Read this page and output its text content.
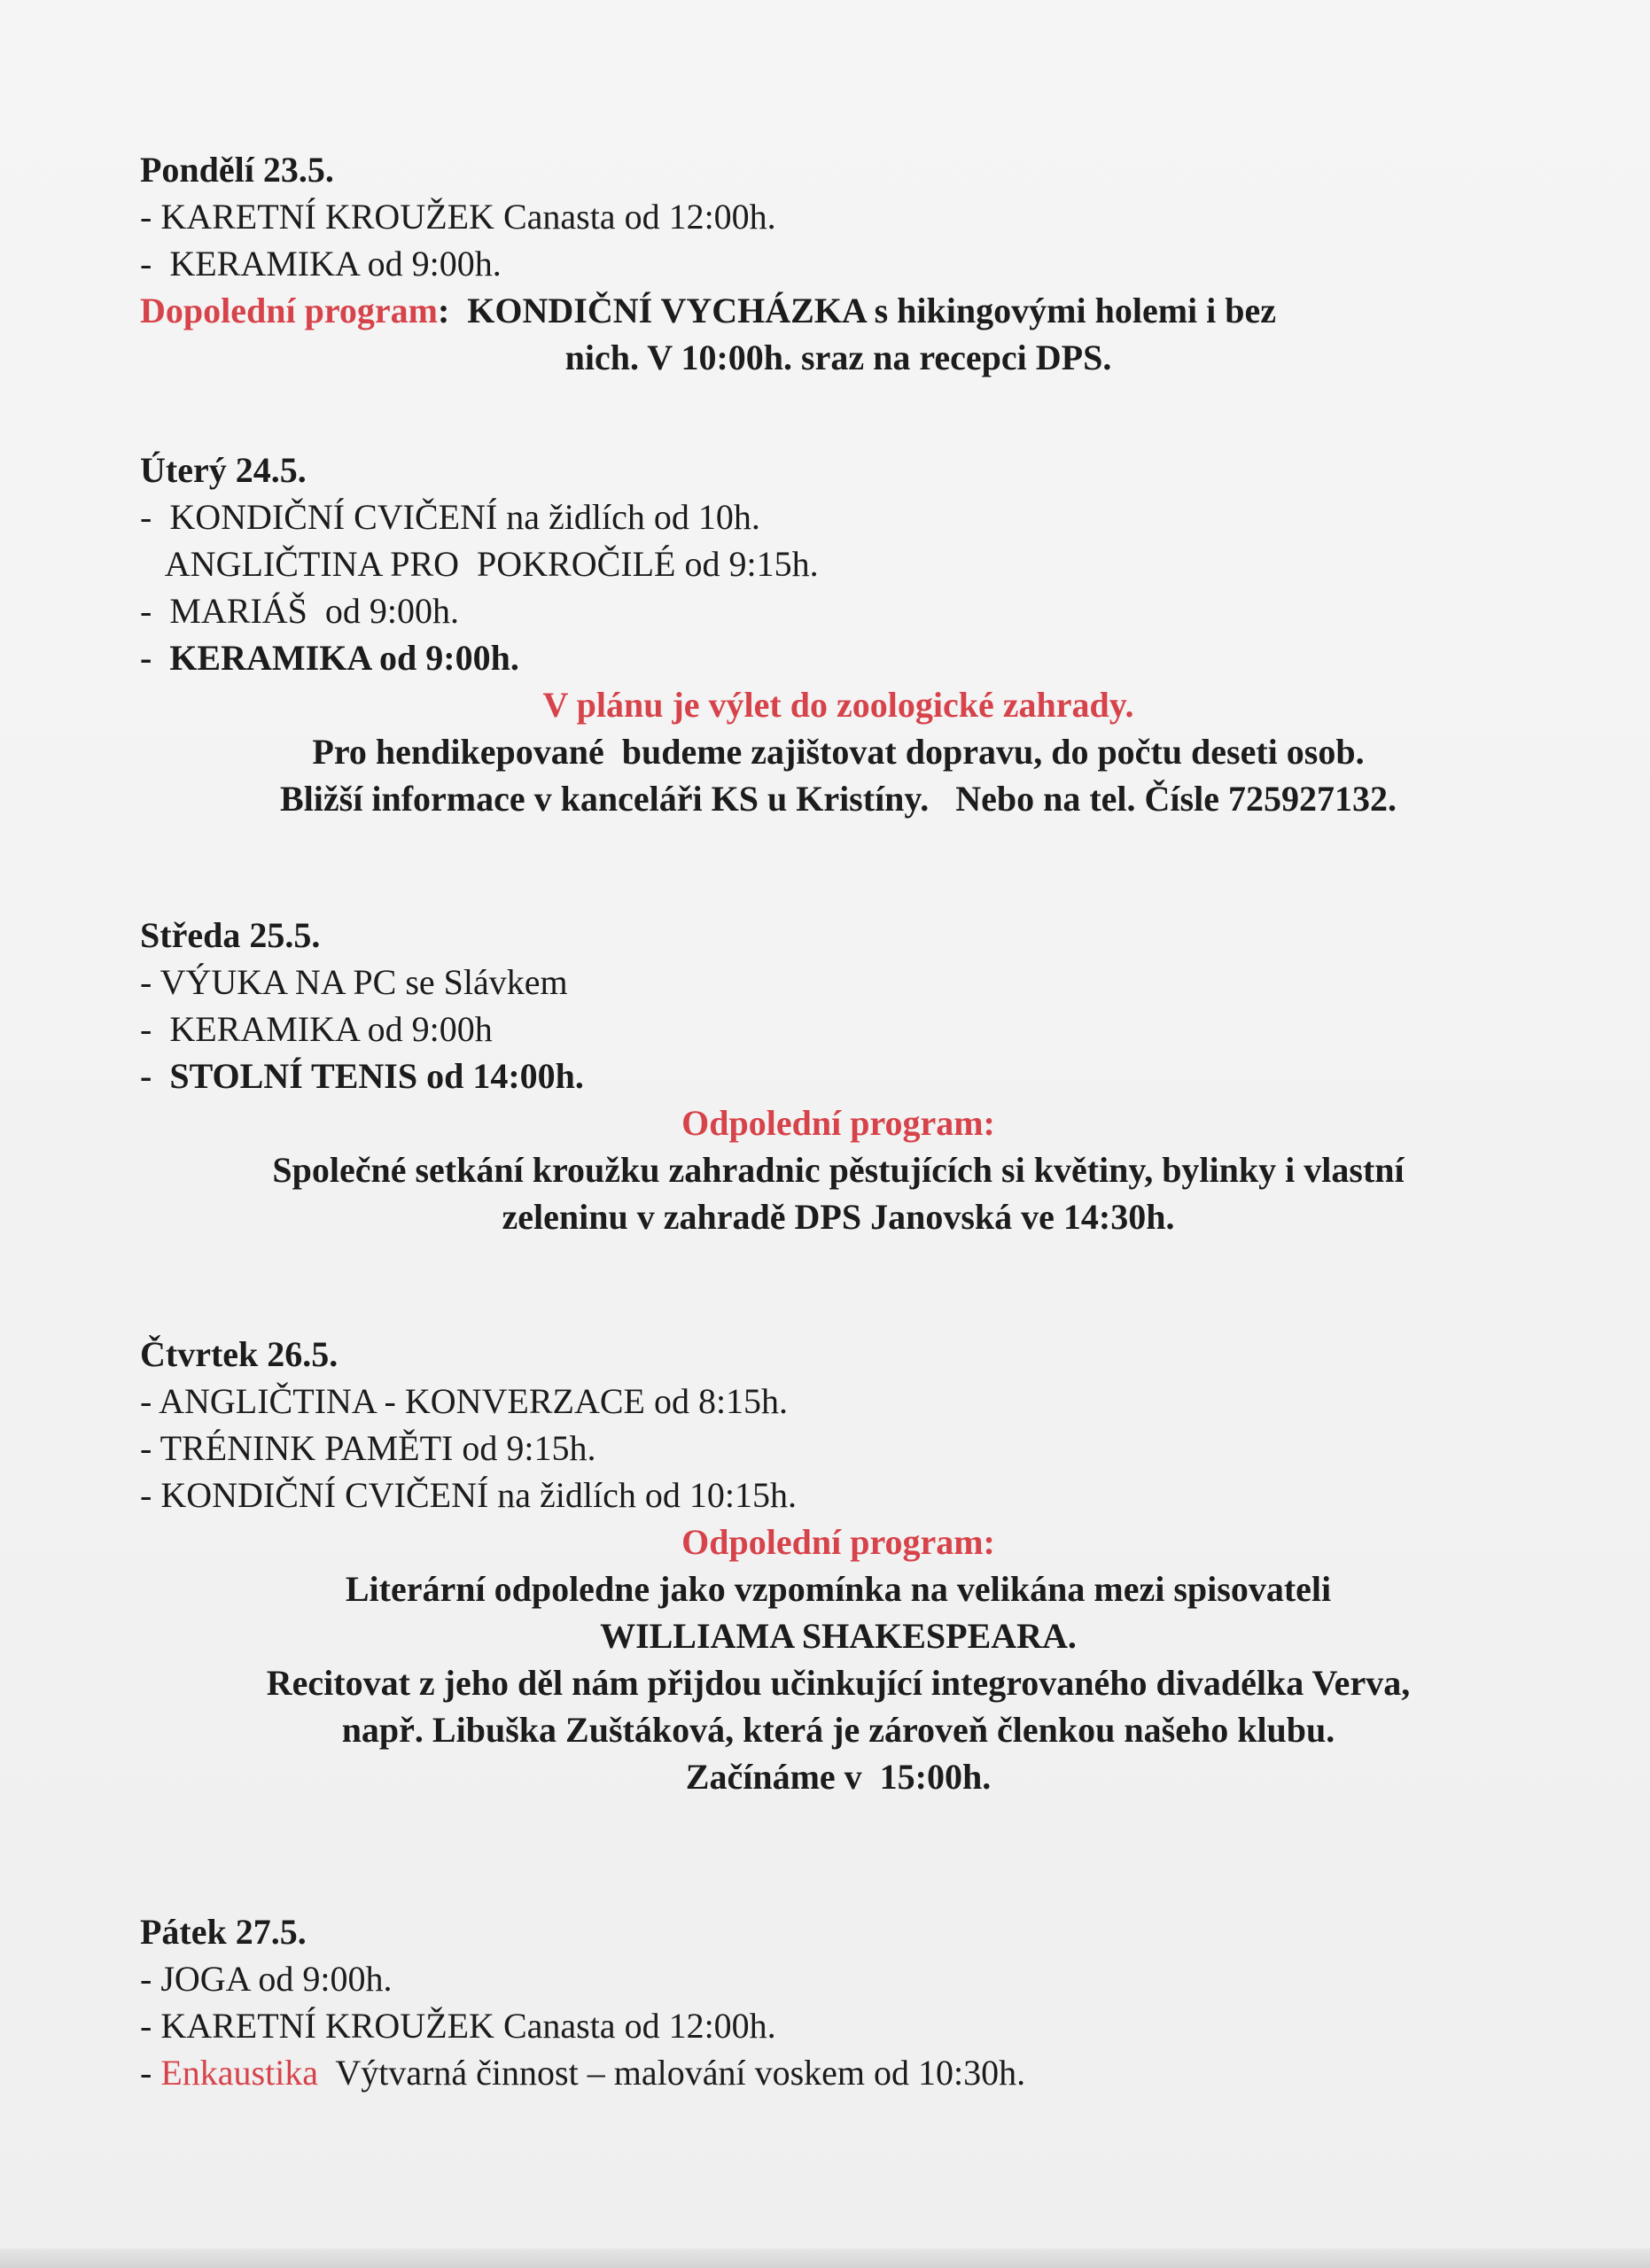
Pondělí 23.5.
- KARETNÍ KROUŽEK Canasta od 12:00h.
-  KERAMIKA od 9:00h.
Dopolední program:  KONDIČNÍ VYCHÁZKA s hikingovými holemi i bez
nich. V 10:00h. sraz na recepci DPS.
Úterý 24.5.
-  KONDIČNÍ CVIČENÍ na židlích od 10h.
ANGLIČTINA PRO  POKROČILÉ od 9:15h.
-  MARIÁŠ  od 9:00h.
-  KERAMIKA od 9:00h.
V plánu je výlet do zoologické zahrady.
Pro hendikepované  budeme zajištovat dopravu, do počtu deseti osob.
Bližší informace v kanceláři KS u Kristíny.   Nebo na tel. Čísle 725927132.
Středa 25.5.
- VÝUKA NA PC se Slávkem
-  KERAMIKA od 9:00h
-  STOLNÍ TENIS od 14:00h.
Odpolední program:
Společné setkání kroužku zahradnic pěstujících si květiny, bylinky i vlastní
zeleninu v zahradě DPS Janovská ve 14:30h.
Čtvrtek 26.5.
- ANGLIČTINA - KONVERZACE od 8:15h.
- TRÉNINK PAMĚTI od 9:15h.
- KONDIČNÍ CVIČENÍ na židlích od 10:15h.
Odpolední program:
Literární odpoledne jako vzpomínka na velikána mezi spisovateli
WILLIAMA SHAKESPEARA.
Recitovat z jeho děl nám přijdou učinkující integrovaného divadélka Verva,
např. Libuška Zuštáková, která je zároveň členkou našeho klubu.
Začínáme v  15:00h.
Pátek 27.5.
- JOGA od 9:00h.
- KARETNÍ KROUŽEK Canasta od 12:00h.
- Enkaustika  Výtvarná činnost – malování voskem od 10:30h.
